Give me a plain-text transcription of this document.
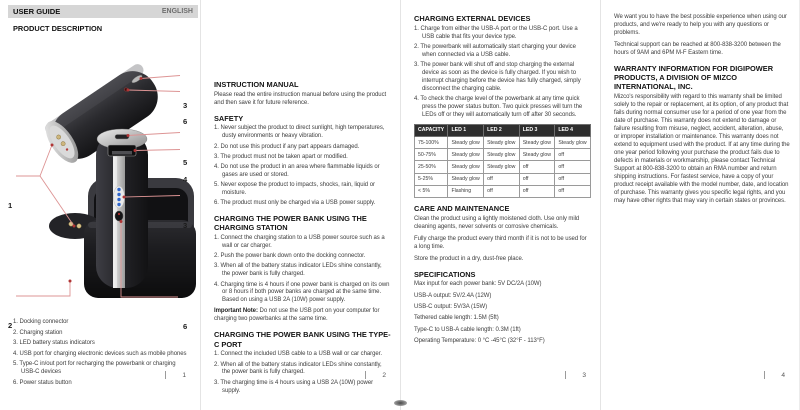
USER GUIDE	ENGLISH
PRODUCT DESCRIPTION
3
6
5
4
1
3
2	6
1. Docking connector
2. Charging station
3. LED battery status indicators
4. USB port for charging electronic devices such as mobile phones
5. Type-C in/out port for recharging the powerbank or charging USB-C devices
6. Power status button
1
INSTRUCTION MANUAL

Please read the entire instruction manual before using the product and then save it for future reference.

SAFETY
1. Never subject the product to direct sunlight, high temperatures, dusty environments or heavy vibration.
2. Do not use this product if any part appears damaged.
3. The product must not be taken apart or modified.
4. Do not use the product in an area where flammable liquids or gases are used or stored.
5. Never expose the product to impacts, shocks, rain, liquid or moisture.
6. The product must only be charged via a USB power supply.
CHARGING THE POWER BANK USING THE CHARGING STATION
1. Connect the charging station to a USB power source such as a wall or car charger.
2. Push the power bank down onto the docking connector.
3. When all of the battery status indicator LEDs shine constantly, the power bank is fully charged.
4. Charging time is 4 hours if one power bank is charged on its own or 8 hours if both power banks are charged at the same time. Based on using a USB 2A (10W) power supply.

Important Note: Do not use the USB port on your computer for charging two powerbanks at the same time.

CHARGING THE POWER BANK USING THE TYPE-C PORT
1. Connect the included USB cable to a USB wall or car charger.
2. When all of the battery status indicator LEDs shine constantly, the power bank is fully charged.
3. The charging time is 4 hours using a USB 2A (10W) power supply.
2
CHARGING EXTERNAL DEVICES
1. Charge from either the USB-A port or the USB-C port. Use a USB cable that fits your device type.
2. The powerbank will automatically start charging your device when connected via a USB cable.
3. The power bank will shut off and stop charging the external device as soon as the device is fully charged. If you wish to interrupt charging before the device has fully charged, simply disconnect the charging cable.
4. To check the charge level of the powerbank at any time quick press the power status button. Two quick presses will turn the LEDs off or they will automatically turn off after 30 seconds.
CAPACITY	LED 1	LED 2	LED 3	LED 4
75-100%	Steady glow	Steady glow	Steady glow	Steady glow
50-75%	Steady glow	Steady glow	Steady glow	off
25-50%	Steady glow	Steady glow	off	off
5-25%	Steady glow	off	off	off
< 5%	Flashing	off	off	off
CARE AND MAINTENANCE

Clean the product using a lightly moistened cloth. Use only mild cleaning agents, never solvents or corrosive chemicals.

Fully charge the product every third month if it is not to be used for a long time.

Store the product in a dry, dust-free place.

SPECIFICATIONS
Max input for each power bank: 5V DC/2A (10W)
USB-A output: 5V/2.4A (12W)
USB-C output: 5V/3A (15W)
Tethered cable length: 1.5M (5ft)
Type-C to USB-A cable length: 0.3M (1ft)
Operating Temperature: 0 °C -45°C (32°F - 113°F)
3

We want you to have the best possible experience when using our products, and we're ready to help you with any questions or problems.

Technical support can be reached at 800-838-3200 between the hours of 9AM and 6PM M-F Eastern time.

WARRANTY INFORMATION FOR DIGIPOWER PRODUCTS, A DIVISION OF MIZCO INTERNATIONAL, INC.

Mizco's responsibility with regard to this warranty shall be limited solely to the repair or replacement, at its option, of any product that fails during normal consumer use for a period of one year from the date of purchase. This warranty does not extend to damage or failure resulting from misuse, neglect, accident, alteration, abuse, or improper installation or maintenance. This warranty does not extend to equipment used with the product. If at any time during the one year period following your purchase the product fails due to defects in materials or workmanship, please contact Technical Support at 800-838-3200 to obtain an RMA number and return shipping instructions. For fastest service, have a copy of your product receipt available with the model number, date, and location of purchase. This warranty gives you specific legal rights, and you may have other rights that may vary in certain states or provinces.

4
